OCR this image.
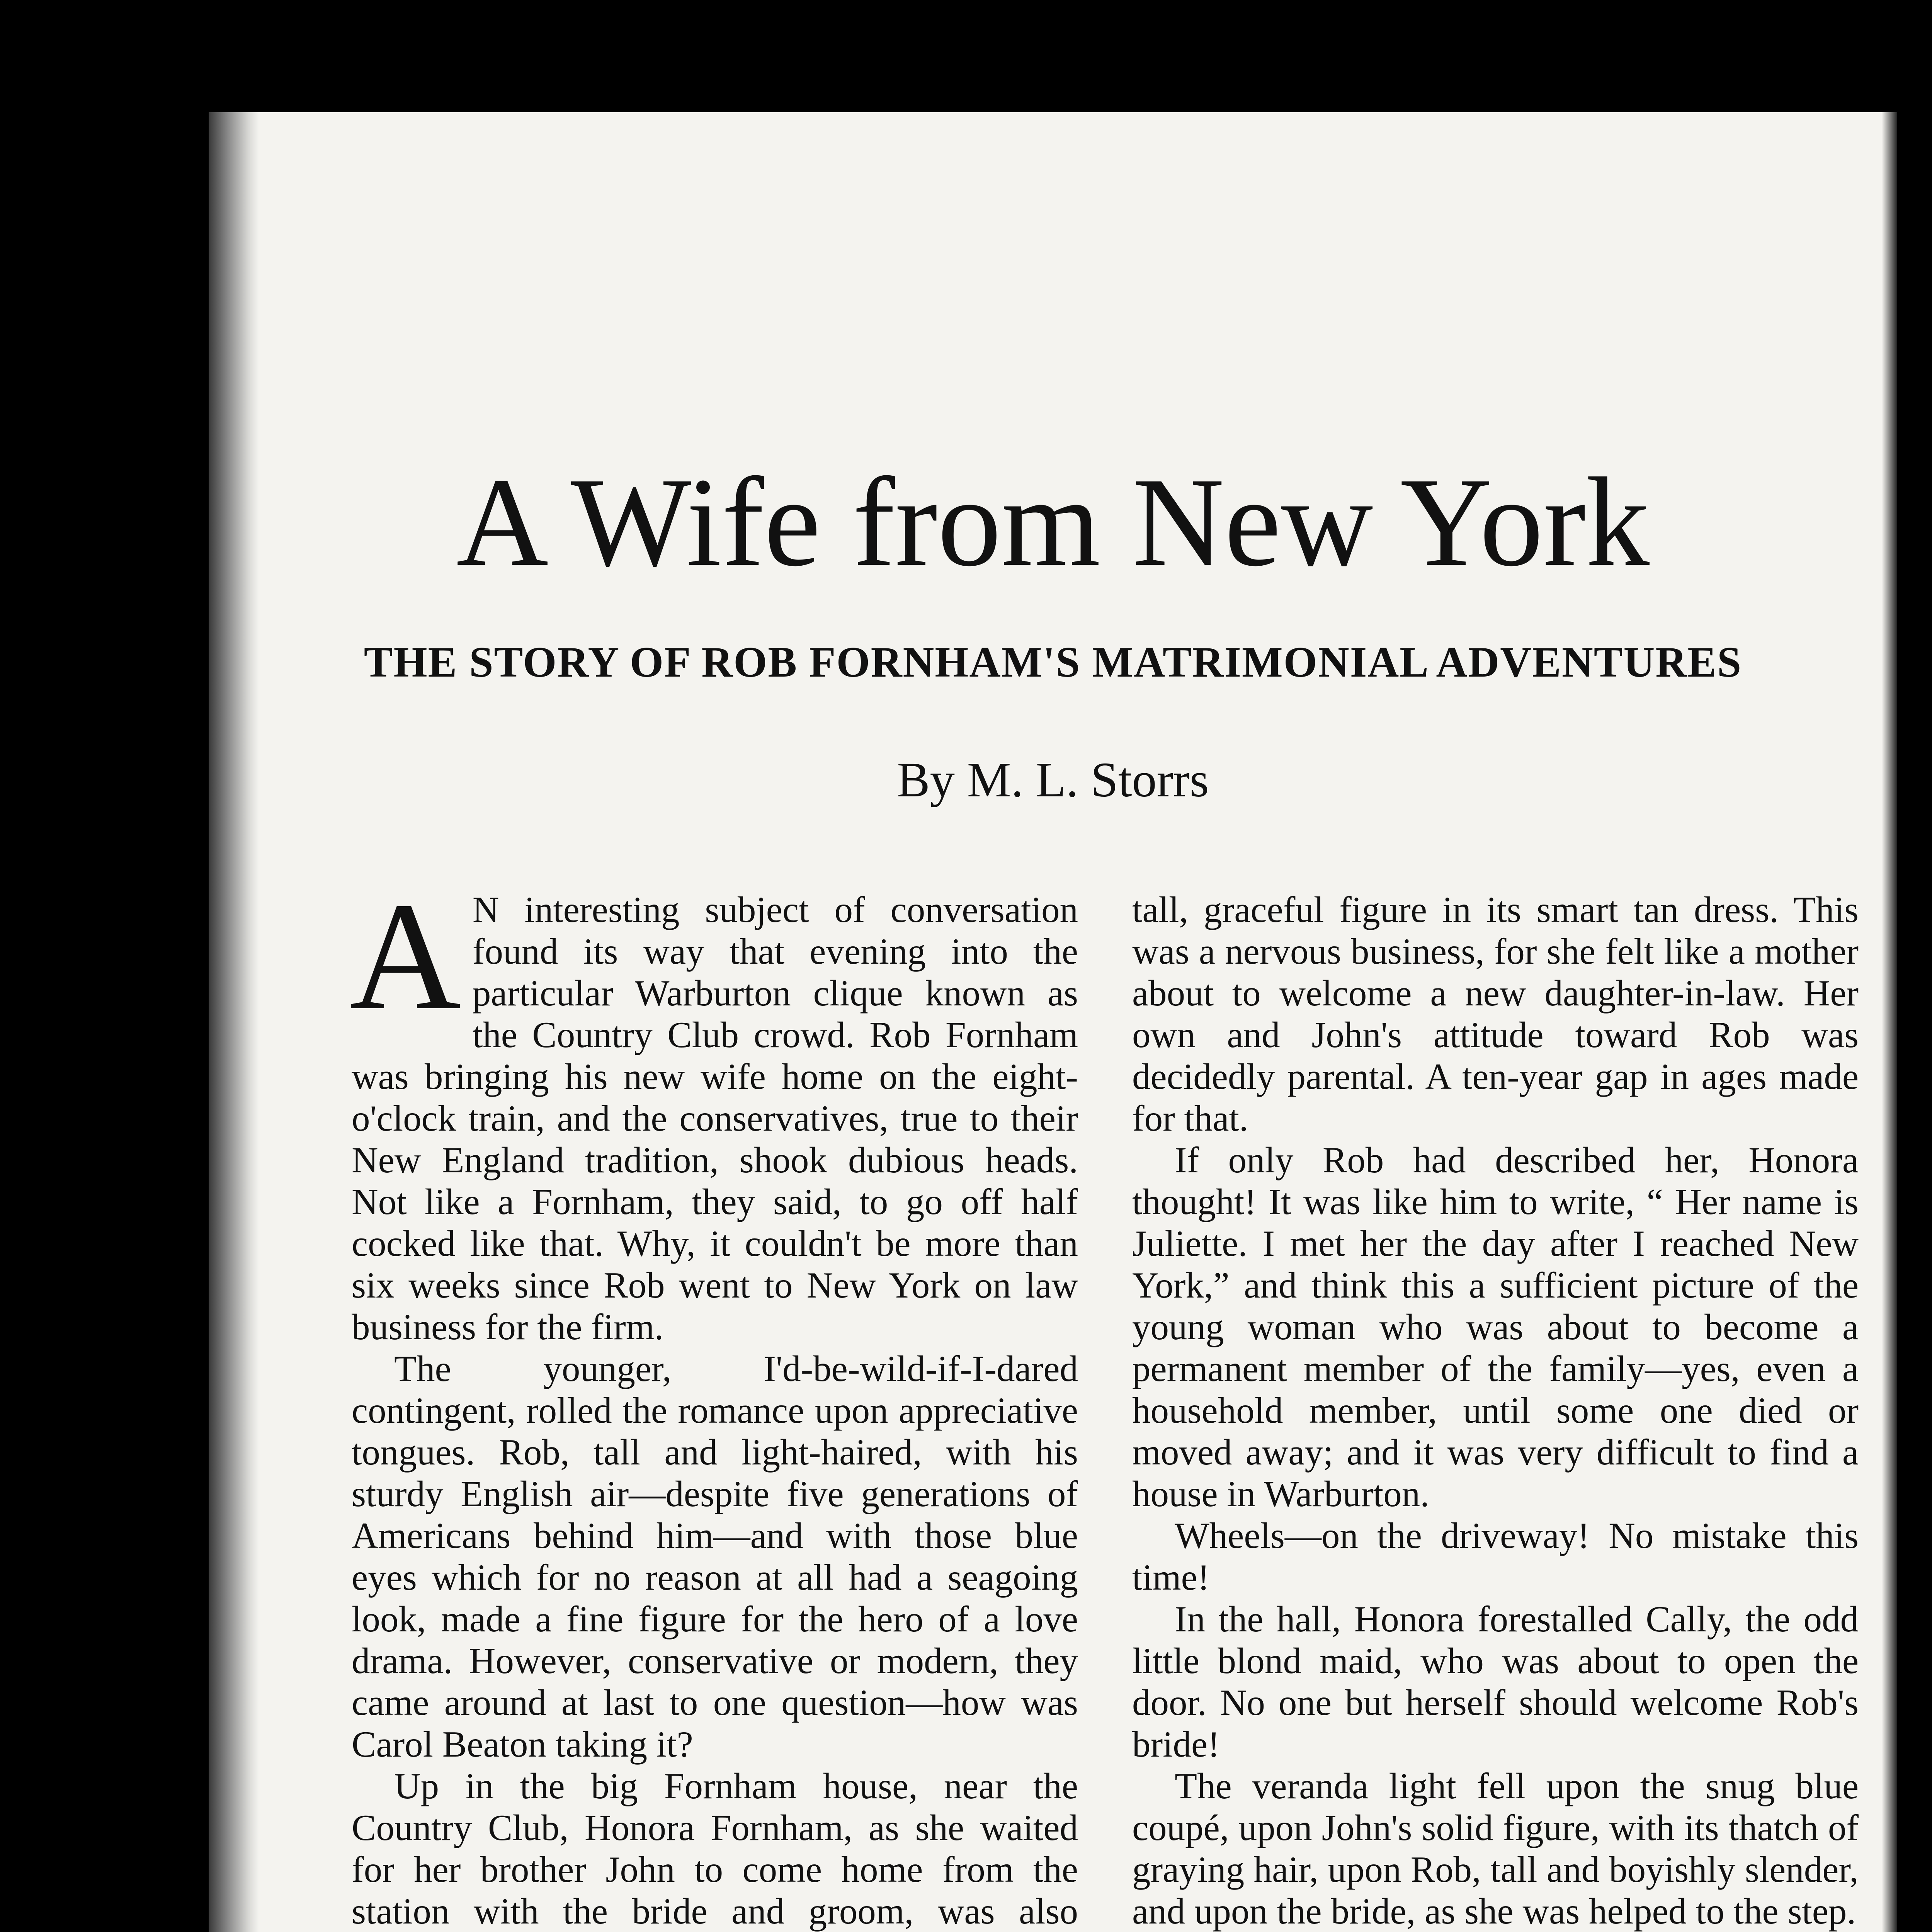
A Wife from New York
THE STORY OF ROB FORNHAM'S MATRIMONIAL ADVENTURES
By M. L. Storrs

A N interesting subject of conversation found its way that evening into the particular Warburton clique known as the Country Club crowd. Rob Fornham was bringing his new wife home on the eight-o'clock train, and the conservatives, true to their New England tradition, shook dubious heads. Not like a Fornham, they said, to go off half cocked like that. Why, it couldn't be more than six weeks since Rob went to New York on law business for the firm.

The younger, I'd-be-wild-if-I-dared contingent, rolled the romance upon appreciative tongues. Rob, tall and light-haired, with his sturdy English air—despite five generations of Americans behind him—and with those blue eyes which for no reason at all had a seagoing look, made a fine figure for the hero of a love drama. However, conservative or modern, they came around at last to one question—how was Carol Beaton taking it?

Up in the big Fornham house, near the Country Club, Honora Fornham, as she waited for her brother John to come home from the station with the bride and groom, was also

tall, graceful figure in its smart tan dress. This was a nervous business, for she felt like a mother about to welcome a new daughter-in-law. Her own and John's attitude toward Rob was decidedly parental. A ten-year gap in ages made for that.

If only Rob had described her, Honora thought! It was like him to write, “ Her name is Juliette. I met her the day after I reached New York,” and think this a sufficient picture of the young woman who was about to become a permanent member of the family—yes, even a household member, until some one died or moved away; and it was very difficult to find a house in Warburton.

Wheels—on the driveway! No mistake this time!

In the hall, Honora forestalled Cally, the odd little blond maid, who was about to open the door. No one but herself should welcome Rob's bride!

The veranda light fell upon the snug blue coupé, upon John's solid figure, with its thatch of graying hair, upon Rob, tall and boyishly slender, and upon the bride, as she was helped to the step.
